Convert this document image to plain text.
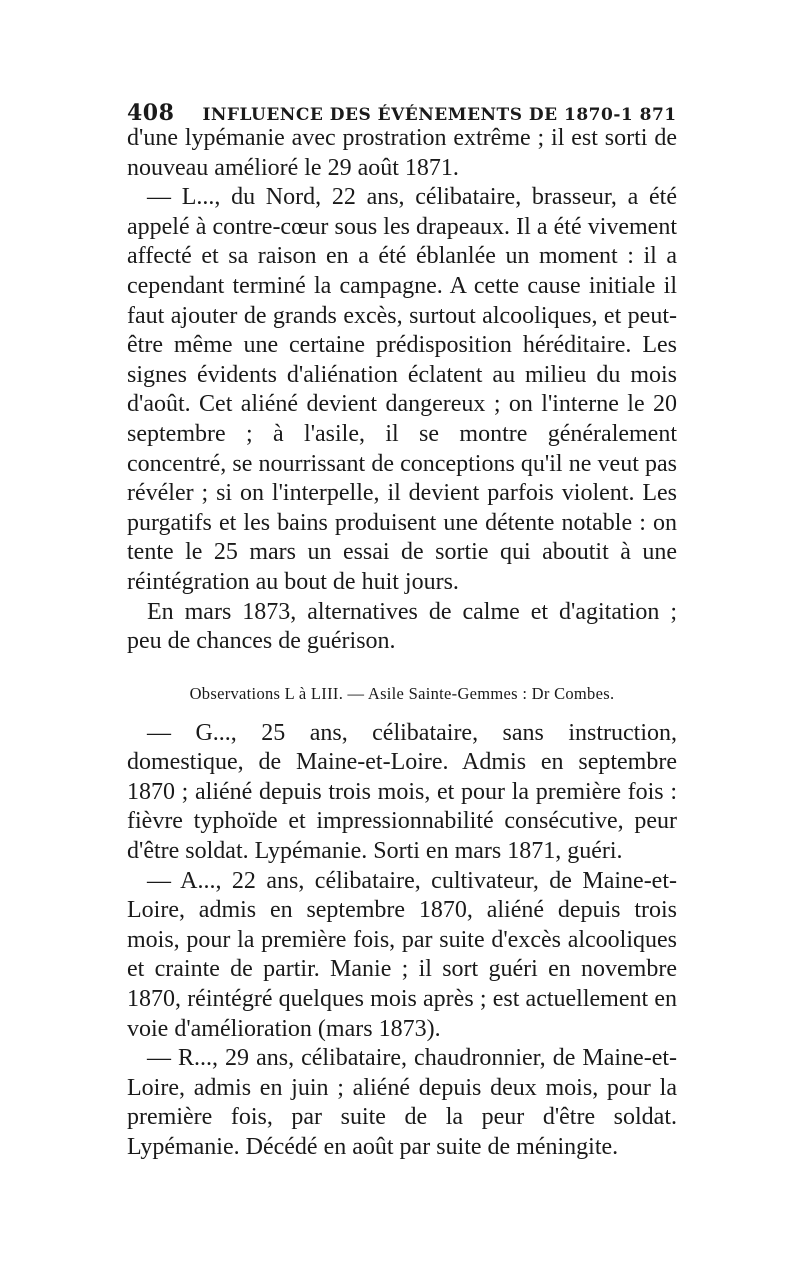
408 INFLUENCE DES ÉVÉNEMENTS DE 1870-1 871

d'une lypémanie avec prostration extrême ; il est sorti de nouveau amélioré le 29 août 1871.

— L..., du Nord, 22 ans, célibataire, brasseur, a été appelé à contre-cœur sous les drapeaux. Il a été vivement affecté et sa raison en a été éblanlée un moment : il a cependant terminé la campagne. A cette cause initiale il faut ajouter de grands excès, surtout alcooliques, et peut-être même une certaine prédisposition héréditaire. Les signes évidents d'aliénation éclatent au milieu du mois d'août. Cet aliéné devient dangereux ; on l'interne le 20 septembre ; à l'asile, il se montre généralement concentré, se nourrissant de conceptions qu'il ne veut pas révéler ; si on l'interpelle, il devient parfois violent. Les purgatifs et les bains produisent une détente notable : on tente le 25 mars un essai de sortie qui aboutit à une réintégration au bout de huit jours.

En mars 1873, alternatives de calme et d'agitation ; peu de chances de guérison.

Observations L à LIII. — Asile Sainte-Gemmes : Dr Combes.

— G..., 25 ans, célibataire, sans instruction, domestique, de Maine-et-Loire. Admis en septembre 1870 ; aliéné depuis trois mois, et pour la première fois : fièvre typhoïde et impressionnabilité consécutive, peur d'être soldat. Lypémanie. Sorti en mars 1871, guéri.

— A..., 22 ans, célibataire, cultivateur, de Maine-et-Loire, admis en septembre 1870, aliéné depuis trois mois, pour la première fois, par suite d'excès alcooliques et crainte de partir. Manie ; il sort guéri en novembre 1870, réintégré quelques mois après ; est actuellement en voie d'amélioration (mars 1873).

— R..., 29 ans, célibataire, chaudronnier, de Maine-et-Loire, admis en juin ; aliéné depuis deux mois, pour la première fois, par suite de la peur d'être soldat. Lypémanie. Décédé en août par suite de méningite.
